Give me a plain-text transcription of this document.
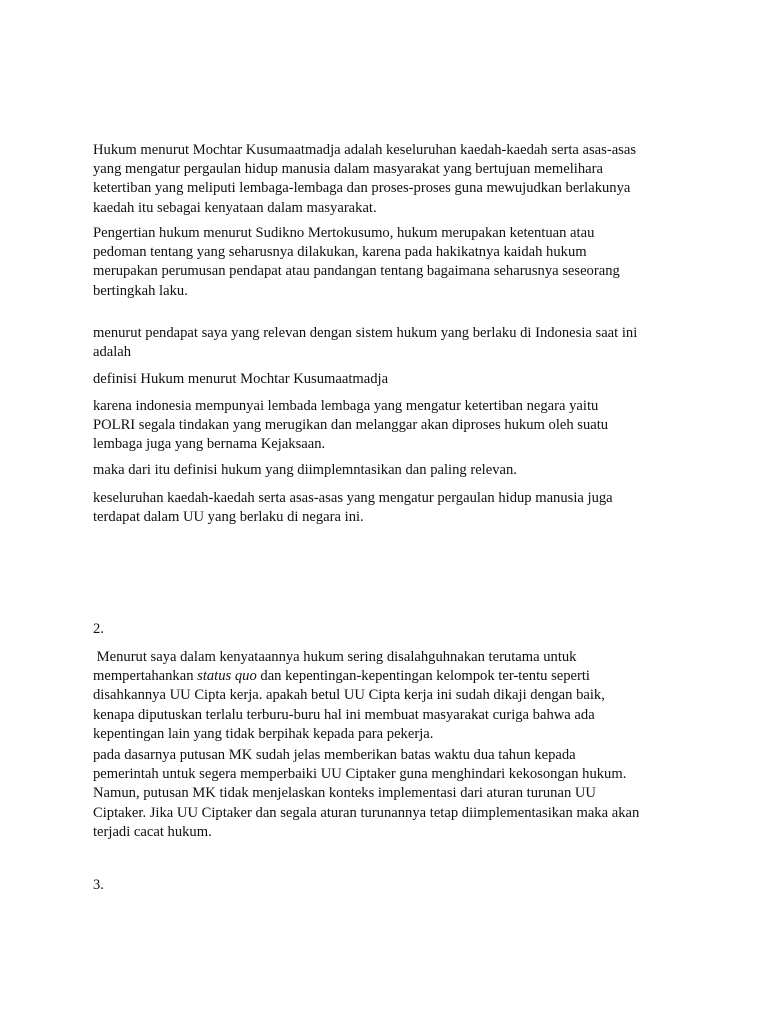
Hukum menurut Mochtar Kusumaatmadja adalah keseluruhan kaedah-kaedah serta asas-asas
yang mengatur pergaulan hidup manusia dalam masyarakat yang bertujuan memelihara
ketertiban yang meliputi lembaga-lembaga dan proses-proses guna mewujudkan berlakunya
kaedah itu sebagai kenyataan dalam masyarakat.
Pengertian hukum menurut Sudikno Mertokusumo, hukum merupakan ketentuan atau
pedoman tentang yang seharusnya dilakukan, karena pada hakikatnya kaidah hukum
merupakan perumusan pendapat atau pandangan tentang bagaimana seharusnya seseorang
bertingkah laku.
menurut pendapat saya yang relevan dengan sistem hukum yang berlaku di Indonesia saat ini
adalah
definisi Hukum menurut Mochtar Kusumaatmadja
karena indonesia mempunyai lembada lembaga yang mengatur ketertiban negara yaitu
POLRI segala tindakan yang merugikan dan melanggar akan diproses hukum oleh suatu
lembaga juga yang bernama Kejaksaan.
maka dari itu definisi hukum yang diimplemntasikan dan paling relevan.
keseluruhan kaedah-kaedah serta asas-asas yang mengatur pergaulan hidup manusia juga
terdapat dalam UU yang berlaku di negara ini.
2.
Menurut saya dalam kenyataannya hukum sering disalahguhnakan terutama untuk
mempertahankan status quo dan kepentingan-kepentingan kelompok ter-tentu seperti
disahkannya UU Cipta kerja. apakah betul UU Cipta kerja ini sudah dikaji dengan baik,
kenapa diputuskan terlalu terburu-buru hal ini membuat masyarakat curiga bahwa ada
kepentingan lain yang tidak berpihak kepada para pekerja.
pada dasarnya putusan MK sudah jelas memberikan batas waktu dua tahun kepada
pemerintah untuk segera memperbaiki UU Ciptaker guna menghindari kekosongan hukum.
Namun, putusan MK tidak menjelaskan konteks implementasi dari aturan turunan UU
Ciptaker. Jika UU Ciptaker dan segala aturan turunannya tetap diimplementasikan maka akan
terjadi cacat hukum.
3.
